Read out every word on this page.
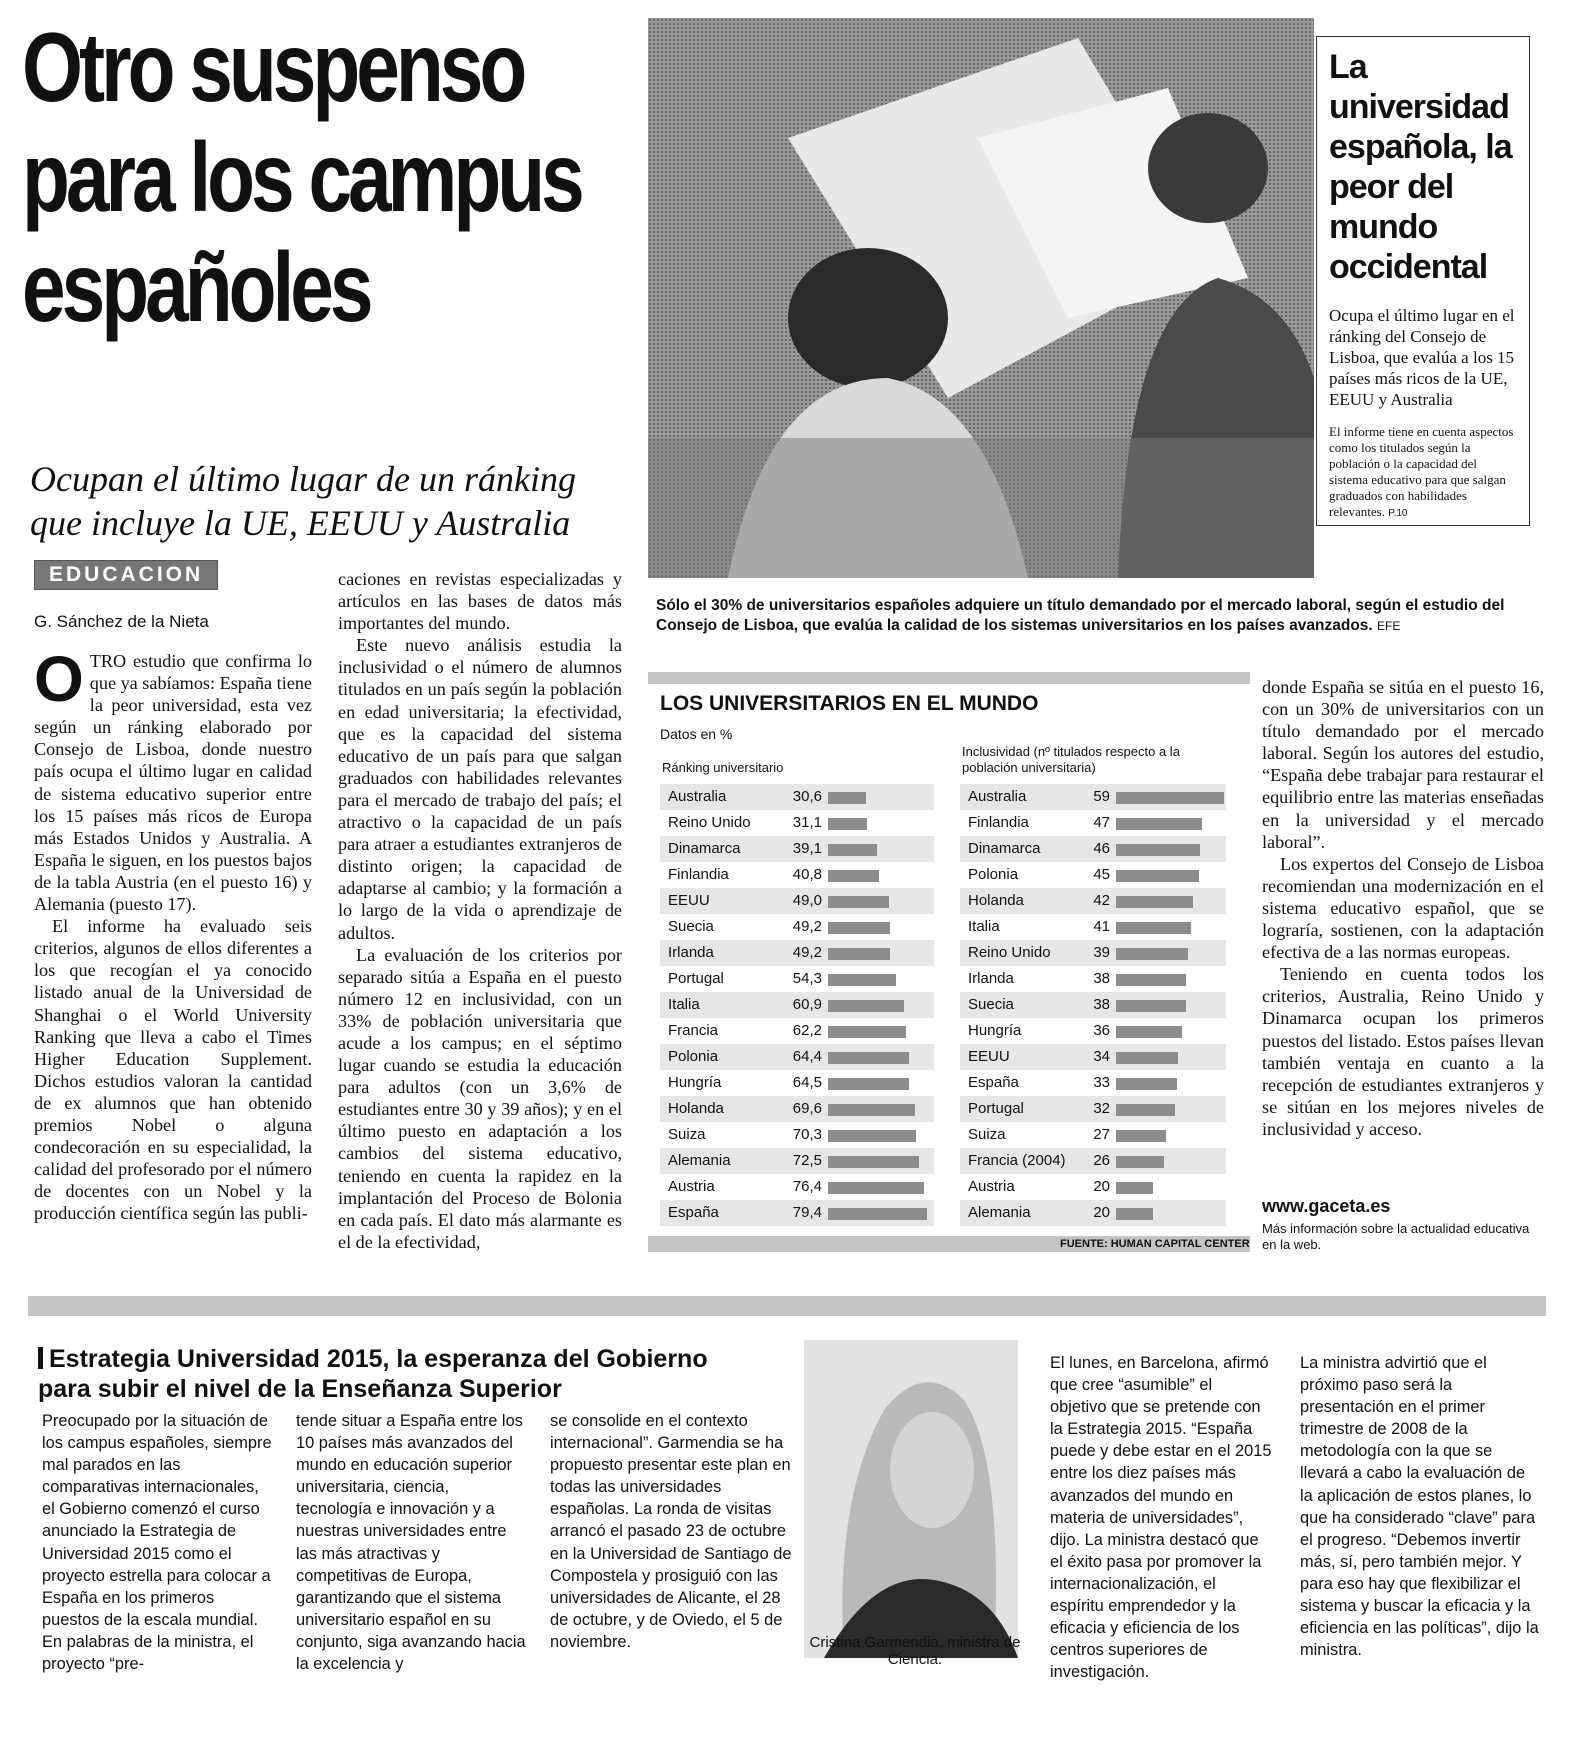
Otro suspenso
para los campus
españoles
Ocupan el último lugar de un ránking que incluye la UE, EEUU y Australia
EDUCACION
G. Sánchez de la Nieta
O TRO estudio que confirma lo que ya sabíamos: España tiene la peor universidad, esta vez según un ránking elaborado por Consejo de Lisboa, donde nuestro país ocupa el último lugar en calidad de sistema educativo superior entre los 15 países más ricos de Europa más Estados Unidos y Australia. A España le siguen, en los puestos bajos de la tabla Austria (en el puesto 16) y Alemania (puesto 17).

El informe ha evaluado seis criterios, algunos de ellos diferentes a los que recogían el ya conocido listado anual de la Universidad de Shanghai o el World University Ranking que lleva a cabo el Times Higher Education Supplement. Dichos estudios valoran la cantidad de ex alumnos que han obtenido premios Nobel o alguna condecoración en su especialidad, la calidad del profesorado por el número de docentes con un Nobel y la producción científica según las publi-

caciones en revistas especializadas y artículos en las bases de datos más importantes del mundo.

Este nuevo análisis estudia la inclusividad o el número de alumnos titulados en un país según la población en edad universitaria; la efectividad, que es la capacidad del sistema educativo de un país para que salgan graduados con habilidades relevantes para el mercado de trabajo del país; el atractivo o la capacidad de un país para atraer a estudiantes extranjeros de distinto origen; la capacidad de adaptarse al cambio; y la formación a lo largo de la vida o aprendizaje de adultos.

La evaluación de los criterios por separado sitúa a España en el puesto número 12 en inclusividad, con un 33% de población universitaria que acude a los campus; en el séptimo lugar cuando se estudia la educación para adultos (con un 3,6% de estudiantes entre 30 y 39 años); y en el último puesto en adaptación a los cambios del sistema educativo, teniendo en cuenta la rapidez en la implantación del Proceso de Bolonia en cada país. El dato más alarmante es el de la efectividad,

La universidad española, la peor del mundo occidental
Ocupa el último lugar en el ránking del Consejo de Lisboa, que evalúa a los 15 países más ricos de la UE, EEUU y Australia
El informe tiene en cuenta aspectos como los titulados según la población o la capacidad del sistema educativo para que salgan graduados con habilidades relevantes. P.10
Sólo el 30% de universitarios españoles adquiere un título demandado por el mercado laboral, según el estudio del Consejo de Lisboa, que evalúa la calidad de los sistemas universitarios en los países avanzados. EFE
LOS UNIVERSITARIOS EN EL MUNDO
Datos en %
Ránking universitario
Inclusividad (nº titulados respecto a la población universitaria)
Australia	30,6
Reino Unido	31,1
Dinamarca	39,1
Finlandia	40,8
EEUU	49,0
Suecia	49,2
Irlanda	49,2
Portugal	54,3
Italia	60,9
Francia	62,2
Polonia	64,4
Hungría	64,5
Holanda	69,6
Suiza	70,3
Alemania	72,5
Austria	76,4
España	79,4
Australia	59
Finlandia	47
Dinamarca	46
Polonia	45
Holanda	42
Italia	41
Reino Unido	39
Irlanda	38
Suecia	38
Hungría	36
EEUU	34
España	33
Portugal	32
Suiza	27
Francia (2004)	26
Austria	20
Alemania	20
FUENTE: HUMAN CAPITAL CENTER

donde España se sitúa en el puesto 16, con un 30% de universitarios con un título demandado por el mercado laboral. Según los autores del estudio, “España debe trabajar para restaurar el equilibrio entre las materias enseñadas en la universidad y el mercado laboral”.

Los expertos del Consejo de Lisboa recomiendan una modernización en el sistema educativo español, que se lograría, sostienen, con la adaptación efectiva de a las normas europeas.

Teniendo en cuenta todos los criterios, Australia, Reino Unido y Dinamarca ocupan los primeros puestos del listado. Estos países llevan también ventaja en cuanto a la recepción de estudiantes extranjeros y se sitúan en los mejores niveles de inclusividad y acceso.

www.gaceta.es
Más información sobre la actualidad educativa en la web.
Estrategia Universidad 2015, la esperanza del Gobierno para subir el nivel de la Enseñanza Superior

Preocupado por la situación de los campus españoles, siempre mal parados en las comparativas internacionales, el Gobierno comenzó el curso anunciado la Estrategia de Universidad 2015 como el proyecto estrella para colocar a España en los primeros puestos de la escala mundial. En palabras de la ministra, el proyecto “pre-

tende situar a España entre los 10 países más avanzados del mundo en educación superior universitaria, ciencia, tecnología e innovación y a nuestras universidades entre las más atractivas y competitivas de Europa, garantizando que el sistema universitario español en su conjunto, siga avanzando hacia la excelencia y

se consolide en el contexto internacional”. Garmendia se ha propuesto presentar este plan en todas las universidades españolas. La ronda de visitas arrancó el pasado 23 de octubre en la Universidad de Santiago de Compostela y prosiguió con las universidades de Alicante, el 28 de octubre, y de Oviedo, el 5 de noviembre.	Cristina Garmendia, ministra de Ciencia.

El lunes, en Barcelona, afirmó que cree “asumible” el objetivo que se pretende con la Estrategia 2015. “España puede y debe estar en el 2015 entre los diez países más avanzados del mundo en materia de universidades”, dijo. La ministra destacó que el éxito pasa por promover la internacionalización, el espíritu emprendedor y la eficacia y eficiencia de los centros superiores de investigación.

La ministra advirtió que el próximo paso será la presentación en el primer trimestre de 2008 de la metodología con la que se llevará a cabo la evaluación de la aplicación de estos planes, lo que ha considerado “clave” para el progreso. “Debemos invertir más, sí, pero también mejor. Y para eso hay que flexibilizar el sistema y buscar la eficacia y la eficiencia en las políticas”, dijo la ministra.
